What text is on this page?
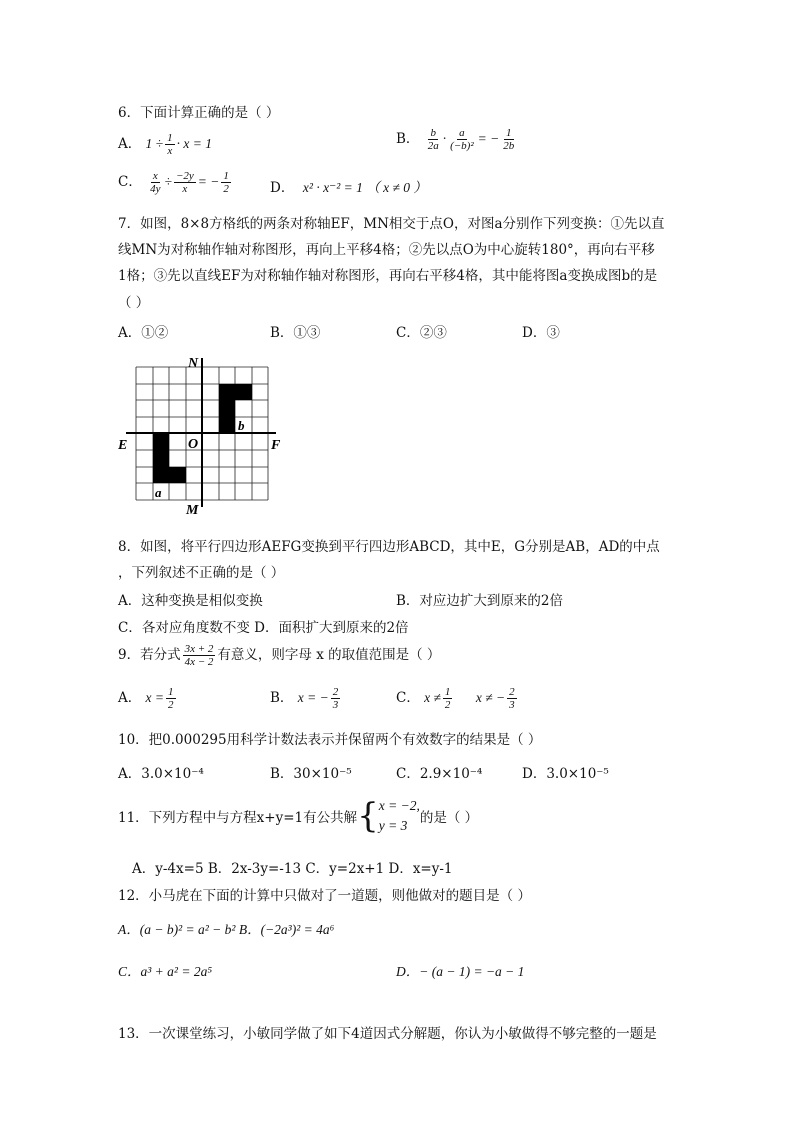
6．下面计算正确的是（ ）
A． $1 \div \frac{1}{x} \cdot x = 1$	B． $\frac{b}{2a} \cdot \frac{a}{\text{(−b)²}}$ = − $\frac{1}{2b}$
C． $\frac{x}{4y} \div \frac{-2y}{x}$ = − $\frac{1}{2}$	D． x² · x⁻² = 1 （ x ≠ 0 ）
7．如图，8×8方格纸的两条对称轴EF，MN相交于点O，对图a分别作下列变换：①先以直
线MN为对称轴作轴对称图形，再向上平移4格；②先以点O为中心旋转180°，再向右平移
1格；③先以直线EF为对称轴作轴对称图形，再向右平移4格，其中能将图a变换成图b的是
（ ）
A．①②	B．①③	C．②③	D．③
N
M
E	F
O
a
b
8．如图，将平行四边形AEFG变换到平行四边形ABCD，其中E，G分别是AB，AD的中点
，下列叙述不正确的是（ ）
A．这种变换是相似变换	B．对应边扩大到原来的2倍
C．各对应角度数不变 D．面积扩大到原来的2倍
9．若分式 $\frac{3x + 2}{4x - 2}$ 有意义，则字母 x 的取值范围是（ ）
A． $x = \frac{1}{2}$	B． x = − $\frac{2}{3}$	C． $x \ne \frac{1}{2}$ x ≠ − $\frac{2}{3}$
10．把0.000295用科学计数法表示并保留两个有效数字的结果是（ ）
A．3.0×10⁻⁴	B．30×10⁻⁵	C．2.9×10⁻⁴	D．3.0×10⁻⁵
11．下列方程中与方程x+y=1有公共解{ x = −2,
y = 3 的是（ ）
A．y-4x=5 B．2x-3y=-13 C．y=2x+1 D．x=y-1
12．小马虎在下面的计算中只做对了一道题，则他做对的题目是（ ）
A．(a − b)² = a² − b² B．(−2a³)² = 4a⁶
C．a³ + a² = 2a⁵	D．− (a − 1) = −a − 1
13．一次课堂练习，小敏同学做了如下4道因式分解题，你认为小敏做得不够完整的一题是
